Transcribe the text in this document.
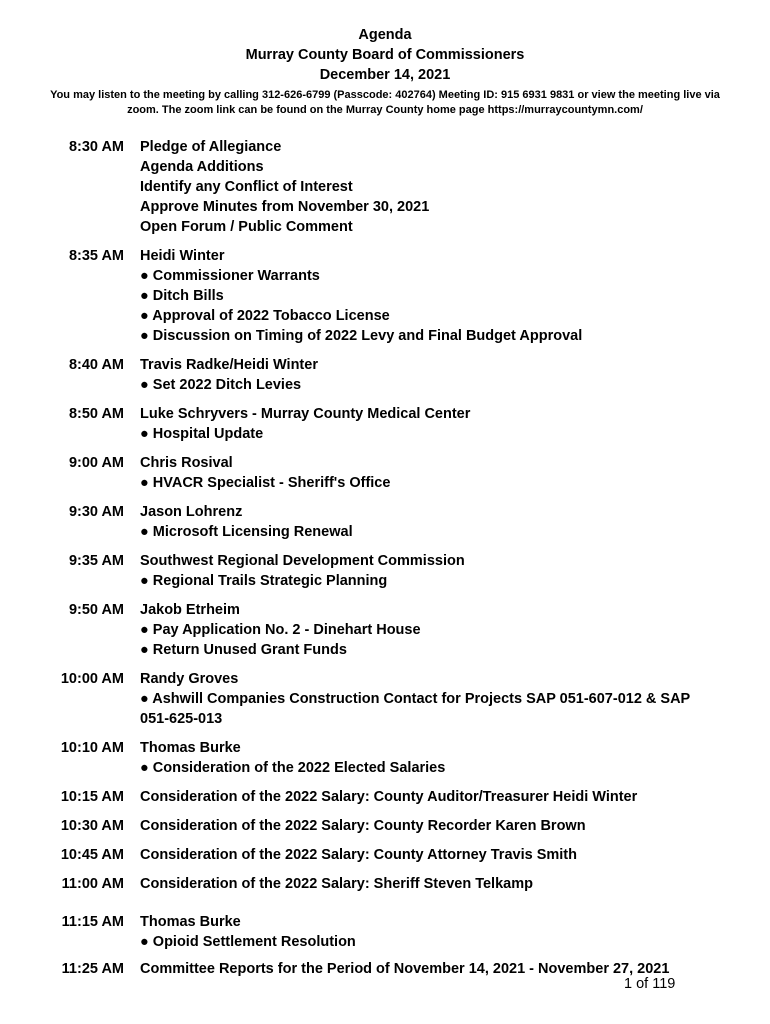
Agenda
Murray County Board of Commissioners
December 14, 2021
You may listen to the meeting by calling 312-626-6799 (Passcode: 402764) Meeting ID: 915 6931 9831 or view the meeting live via zoom. The zoom link can be found on the Murray County home page https://murraycountymn.com/
8:30 AM Pledge of Allegiance
Agenda Additions
Identify any Conflict of Interest
Approve Minutes from November 30, 2021
Open Forum / Public Comment
8:35 AM Heidi Winter
● Commissioner Warrants
● Ditch Bills
● Approval of 2022 Tobacco License
● Discussion on Timing of 2022 Levy and Final Budget Approval
8:40 AM Travis Radke/Heidi Winter
● Set 2022 Ditch Levies
8:50 AM Luke Schryvers - Murray County Medical Center
● Hospital Update
9:00 AM Chris Rosival
● HVACR Specialist - Sheriff's Office
9:30 AM Jason Lohrenz
● Microsoft Licensing Renewal
9:35 AM Southwest Regional Development Commission
● Regional Trails Strategic Planning
9:50 AM Jakob Etrheim
● Pay Application No. 2 - Dinehart House
● Return Unused Grant Funds
10:00 AM Randy Groves
● Ashwill Companies Construction Contact for Projects SAP 051-607-012 & SAP
051-625-013
10:10 AM Thomas Burke
● Consideration of the 2022 Elected Salaries
10:15 AM Consideration of the 2022 Salary: County Auditor/Treasurer Heidi Winter
10:30 AM Consideration of the 2022 Salary: County Recorder Karen Brown
10:45 AM Consideration of the 2022 Salary: County Attorney Travis Smith
11:00 AM Consideration of the 2022 Salary: Sheriff Steven Telkamp
11:15 AM Thomas Burke
● Opioid Settlement Resolution
11:25 AM Committee Reports for the Period of November 14, 2021 - November 27, 2021
1 of 119
